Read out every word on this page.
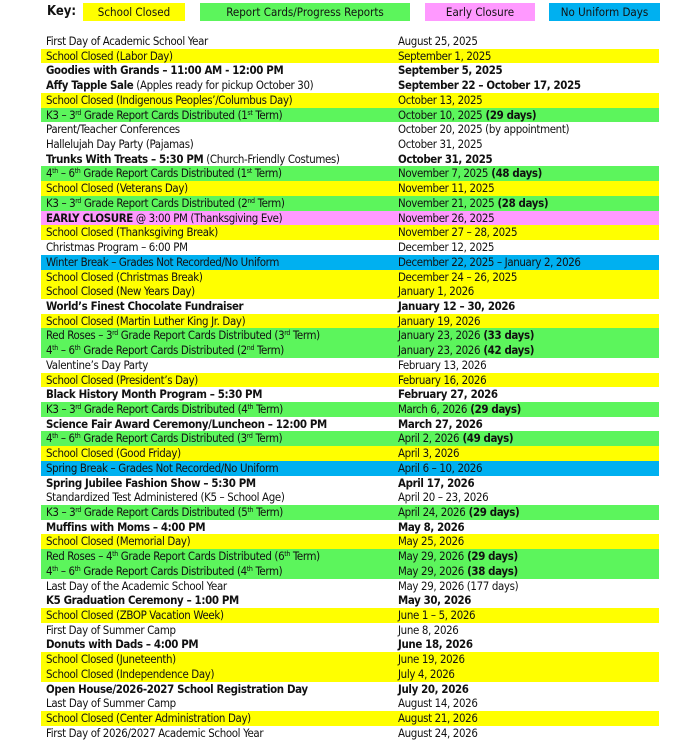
Key:	School Closed	Report Cards/Progress Reports	Early Closure	No Uniform Days
First Day of Academic School Year	August 25, 2025
School Closed (Labor Day)	September 1, 2025
Goodies with Grands – 11:00 AM - 12:00 PM	September 5, 2025
Affy Tapple Sale (Apples ready for pickup October 30)	September 22 – October 17, 2025
School Closed (Indigenous Peoples’/Columbus Day)	October 13, 2025
K3 – 3rd Grade Report Cards Distributed (1st Term)	October 10, 2025 (29 days)
Parent/Teacher Conferences	October 20, 2025 (by appointment)
Hallelujah Day Party (Pajamas)	October 31, 2025
Trunks With Treats – 5:30 PM (Church-Friendly Costumes)	October 31, 2025
4th – 6th Grade Report Cards Distributed (1st Term)	November 7, 2025 (48 days)
School Closed (Veterans Day)	November 11, 2025
K3 – 3rd Grade Report Cards Distributed (2nd Term)	November 21, 2025 (28 days)
EARLY CLOSURE @ 3:00 PM (Thanksgiving Eve)	November 26, 2025
School Closed (Thanksgiving Break)	November 27 – 28, 2025
Christmas Program – 6:00 PM	December 12, 2025
Winter Break – Grades Not Recorded/No Uniform	December 22, 2025 – January 2, 2026
School Closed (Christmas Break)	December 24 – 26, 2025
School Closed (New Years Day)	January 1, 2026
World’s Finest Chocolate Fundraiser	January 12 – 30, 2026
School Closed (Martin Luther King Jr. Day)	January 19, 2026
Red Roses – 3rd Grade Report Cards Distributed (3rd Term)	January 23, 2026 (33 days)
4th – 6th Grade Report Cards Distributed (2nd Term)	January 23, 2026 (42 days)
Valentine’s Day Party	February 13, 2026
School Closed (President’s Day)	February 16, 2026
Black History Month Program – 5:30 PM	February 27, 2026
K3 – 3rd Grade Report Cards Distributed (4th Term)	March 6, 2026 (29 days)
Science Fair Award Ceremony/Luncheon – 12:00 PM	March 27, 2026
4th – 6th Grade Report Cards Distributed (3rd Term)	April 2, 2026 (49 days)
School Closed (Good Friday)	April 3, 2026
Spring Break – Grades Not Recorded/No Uniform	April 6 – 10, 2026
Spring Jubilee Fashion Show – 5:30 PM	April 17, 2026
Standardized Test Administered (K5 – School Age)	April 20 – 23, 2026
K3 – 3rd Grade Report Cards Distributed (5th Term)	April 24, 2026 (29 days)
Muffins with Moms – 4:00 PM	May 8, 2026
School Closed (Memorial Day)	May 25, 2026
Red Roses – 4th Grade Report Cards Distributed (6th Term)	May 29, 2026 (29 days)
4th – 6th Grade Report Cards Distributed (4th Term)	May 29, 2026 (38 days)
Last Day of the Academic School Year	May 29, 2026 (177 days)
K5 Graduation Ceremony – 1:00 PM	May 30, 2026
School Closed (ZBOP Vacation Week)	June 1 – 5, 2026
First Day of Summer Camp	June 8, 2026
Donuts with Dads – 4:00 PM	June 18, 2026
School Closed (Juneteenth)	June 19, 2026
School Closed (Independence Day)	July 4, 2026
Open House/2026-2027 School Registration Day	July 20, 2026
Last Day of Summer Camp	August 14, 2026
School Closed (Center Administration Day)	August 21, 2026
First Day of 2026/2027 Academic School Year	August 24, 2026
